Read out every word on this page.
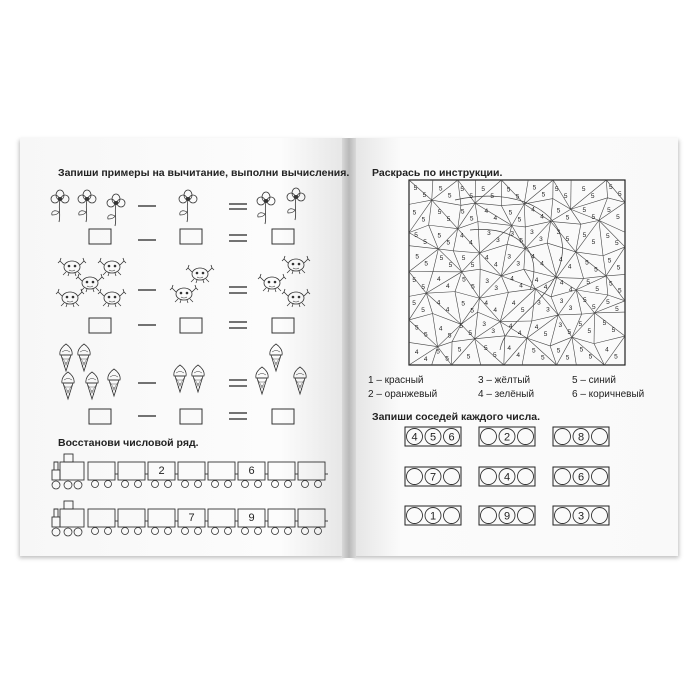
Запиши примеры на вычитание, выполни вычисления.
Восстанови числовой ряд.
Раскрась по инструкции.
Запиши соседей каждого числа.
1 – красный	3 – жёлтый	5 – синий
2 – оранжевый	4 – зелёный	6 – коричневый
5
5
5
5
5
5
5
5
5
5
5
5
5
5
5
5
5
5
5
5
5
5
5
5
4
4
5
5
4
4
5
5
5
5
5
5
5
5
5
5
4
4
3
3
3
5
3
3
3
5
5
5
5
5
5
5
5
5
5
5
4
4
3
3
4
4
4
4
5
5
5
5
5
5
4
4
5
5
3
3
4
4
4
4
4
4
5
5
5
5
5
5
4
4
5
5
4
4
4
5
3
3
3
3
5
5
5
5
5
5
4
5
5
5
3
3
4
4
4
5
3
5
5
5
5
5
4
4
5
5
5
5
5
5
4
4
5
5
5
5
5
5
4
5
4 5 6	2	8
7	4	6
1	9	3
2	6
7	9
